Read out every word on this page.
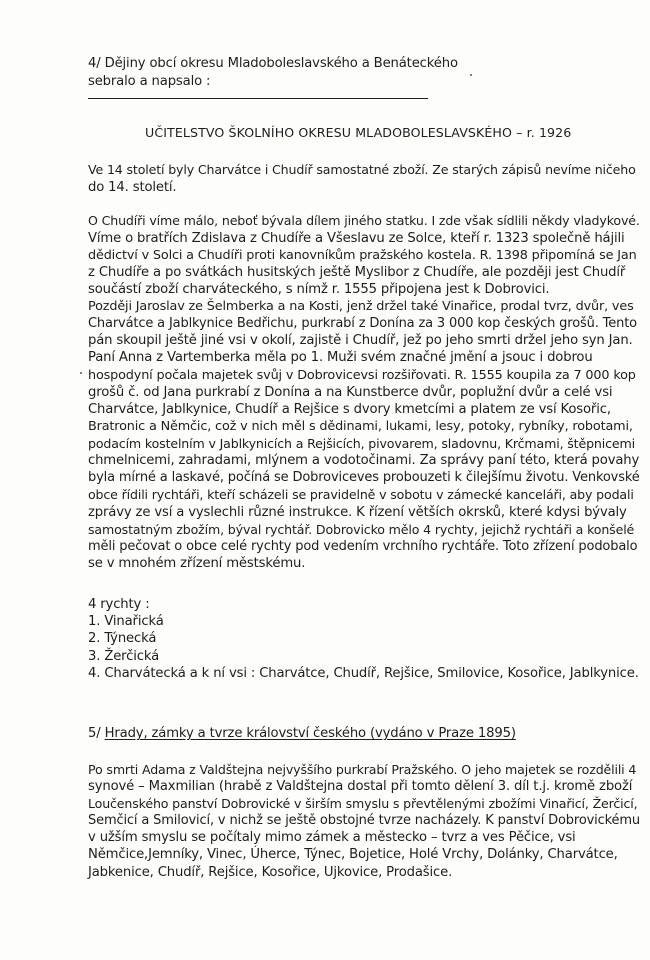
4/ Dějiny obcí okresu Mladoboleslavského a Benáteckého
sebralo a napsalo :
UČITELSTVO ŠKOLNÍHO OKRESU MLADOBOLESLAVSKÉHO – r. 1926
Ve 14 století byly Charvátce i Chudíř samostatné zboží. Ze starých zápisů nevíme ničeho
do 14. století.
O Chudíři víme málo, neboť bývala dílem jiného statku. I zde však sídlili někdy vladykové.
Víme o bratřích Zdislava z Chudíře a Všeslavu ze Solce, kteří r. 1323 společně hájili
dědictví v Solci a Chudíři proti kanovníkům pražského kostela. R. 1398 připomíná se Jan
z Chudíře a po svátkách husitských ještě Myslibor z Chudíře, ale později jest Chudíř
součástí zboží charváteckého, s nímž r. 1555 připojena jest k Dobrovici.
Později Jaroslav ze Šelmberka a na Kosti, jenž držel také Vinařice, prodal tvrz, dvůr, ves
Charvátce a Jablkynice Bedřichu, purkrabí z Donína za 3 000 kop českých grošů. Tento
pán skoupil ještě jiné vsi v okolí, zajistě i Chudíř, jež po jeho smrti držel jeho syn Jan.
Paní Anna z Vartemberka měla po 1. Muži svém značné jmění a jsouc i dobrou
hospodyní počala majetek svůj v Dobrovicevsi rozšiřovati. R. 1555 koupila za 7 000 kop
grošů č. od Jana purkrabí z Donína a na Kunstberce dvůr, poplužní dvůr a celé vsi
Charvátce, Jablkynice, Chudíř a Rejšice s dvory kmetcími a platem ze vsí Kosořic,
Bratronic a Němčic, což v nich měl s dědinami, lukami, lesy, potoky, rybníky, robotami,
podacím kostelním v Jablkynicích a Rejšicích, pivovarem, sladovnu, Krčmami, štěpnicemi
chmelnicemi, zahradami, mlýnem a vodotočinami. Za správy paní této, která povahy
byla mírné a laskavé, počíná se Dobroviceves probouzeti k čilejšímu životu. Venkovské
obce řídili rychtáři, kteří scházeli se pravidelně v sobotu v zámecké kanceláři, aby podali
zprávy ze vsí a vyslechli různé instrukce. K řízení větších okrsků, které kdysi bývaly
samostatným zbožím, býval rychtář. Dobrovicko mělo 4 rychty, jejichž rychtáři a konšelé
měli pečovat o obce celé rychty pod vedením vrchního rychtáře. Toto zřízení podobalo
se v mnohém zřízení městskému.
4 rychty :
1. Vinařická
2. Týnecká
3. Žerčická
4. Charvátecká a k ní vsi : Charvátce, Chudíř, Rejšice, Smilovice, Kosořice, Jablkynice.
5/ Hrady, zámky a tvrze království českého (vydáno v Praze 1895)
Po smrti Adama z Valdštejna nejvyššího purkrabí Pražského. O jeho majetek se rozdělili 4
synové – Maxmilian (hrabě z Valdštejna dostal při tomto dělení 3. díl t.j. kromě zboží
Loučenského panství Dobrovické v širším smyslu s převtělenými zbožími Vinařicí, Žerčicí,
Semčicí a Smilovicí, v nichž se ještě obstojné tvrze nacházely. K panství Dobrovickému
v užším smyslu se počítaly mimo zámek a městecko – tvrz a ves Pěčice, vsi
Němčice,Jemníky, Vinec, Úherce, Týnec, Bojetice, Holé Vrchy, Dolánky, Charvátce,
Jabkenice, Chudíř, Rejšice, Kosořice, Ujkovice, Prodašice.
